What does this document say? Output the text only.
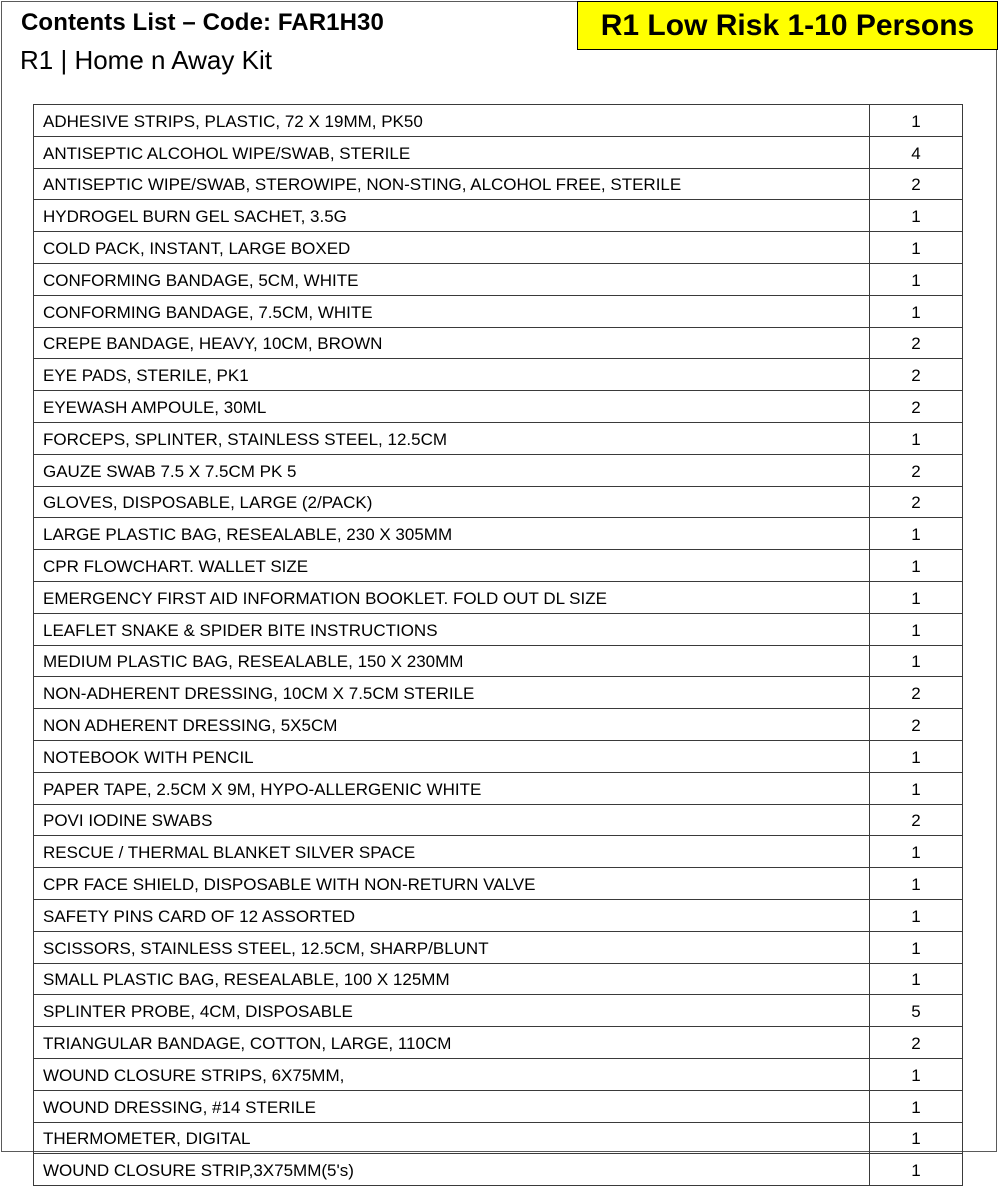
Contents List – Code: FAR1H30
R1 | Home n Away Kit
R1 Low Risk 1-10 Persons
ADHESIVE STRIPS, PLASTIC, 72 X 19MM, PK50	1
ANTISEPTIC ALCOHOL WIPE/SWAB, STERILE	4
ANTISEPTIC WIPE/SWAB, STEROWIPE, NON-STING, ALCOHOL FREE, STERILE	2
HYDROGEL BURN GEL SACHET, 3.5G	1
COLD PACK, INSTANT, LARGE BOXED	1
CONFORMING BANDAGE, 5CM, WHITE	1
CONFORMING BANDAGE, 7.5CM, WHITE	1
CREPE BANDAGE, HEAVY, 10CM, BROWN	2
EYE PADS, STERILE, PK1	2
EYEWASH AMPOULE, 30ML	2
FORCEPS, SPLINTER, STAINLESS STEEL, 12.5CM	1
GAUZE SWAB 7.5 X 7.5CM PK 5	2
GLOVES, DISPOSABLE, LARGE (2/PACK)	2
LARGE PLASTIC BAG, RESEALABLE, 230 X 305MM	1
CPR FLOWCHART. WALLET SIZE	1
EMERGENCY FIRST AID INFORMATION BOOKLET. FOLD OUT DL SIZE	1
LEAFLET SNAKE & SPIDER BITE INSTRUCTIONS	1
MEDIUM PLASTIC BAG, RESEALABLE, 150 X 230MM	1
NON-ADHERENT DRESSING, 10CM X 7.5CM STERILE	2
NON ADHERENT DRESSING, 5X5CM	2
NOTEBOOK WITH PENCIL	1
PAPER TAPE, 2.5CM X 9M, HYPO-ALLERGENIC WHITE	1
POVI IODINE SWABS	2
RESCUE / THERMAL BLANKET SILVER SPACE	1
CPR FACE SHIELD, DISPOSABLE WITH NON-RETURN VALVE	1
SAFETY PINS CARD OF 12 ASSORTED	1
SCISSORS, STAINLESS STEEL, 12.5CM, SHARP/BLUNT	1
SMALL PLASTIC BAG, RESEALABLE, 100 X 125MM	1
SPLINTER PROBE, 4CM, DISPOSABLE	5
TRIANGULAR BANDAGE, COTTON, LARGE, 110CM	2
WOUND CLOSURE STRIPS, 6X75MM,	1
WOUND DRESSING, #14 STERILE	1
THERMOMETER, DIGITAL	1
WOUND CLOSURE STRIP,3X75MM(5's)	1
